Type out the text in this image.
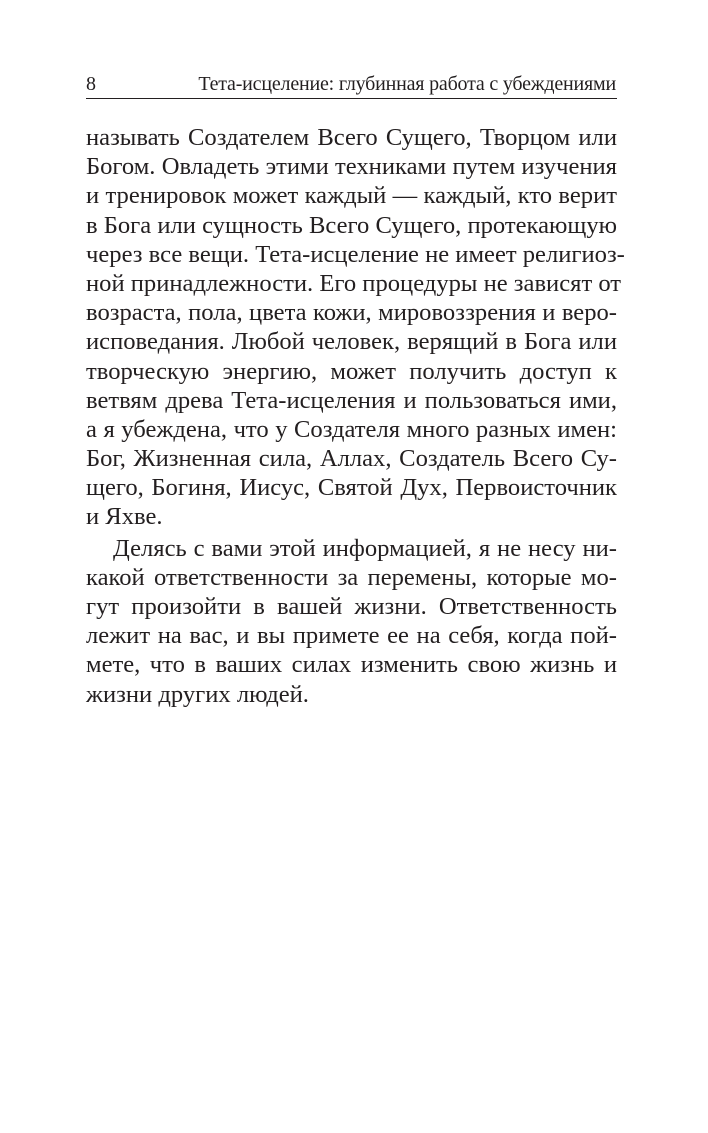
8	Тета-исцеление: глубинная работа с убеждениями
называть Создателем Всего Сущего, Творцом или
Богом. Овладеть этими техниками путем изучения
и тренировок может каждый — каждый, кто верит
в Бога или сущность Всего Сущего, протекающую
через все вещи. Тета-исцеление не имеет религиоз-
ной принадлежности. Его процедуры не зависят от
возраста, пола, цвета кожи, мировоззрения и веро-
исповедания. Любой человек, верящий в Бога или
творческую энергию, может получить доступ к
ветвям древа Тета-исцеления и пользоваться ими,
а я убеждена, что у Создателя много разных имен:
Бог, Жизненная сила, Аллах, Создатель Всего Су-
щего, Богиня, Иисус, Святой Дух, Первоисточник
и Яхве.
Делясь с вами этой информацией, я не несу ни-
какой ответственности за перемены, которые мо-
гут произойти в вашей жизни. Ответственность
лежит на вас, и вы примете ее на себя, когда пой-
мете, что в ваших силах изменить свою жизнь и
жизни других людей.
